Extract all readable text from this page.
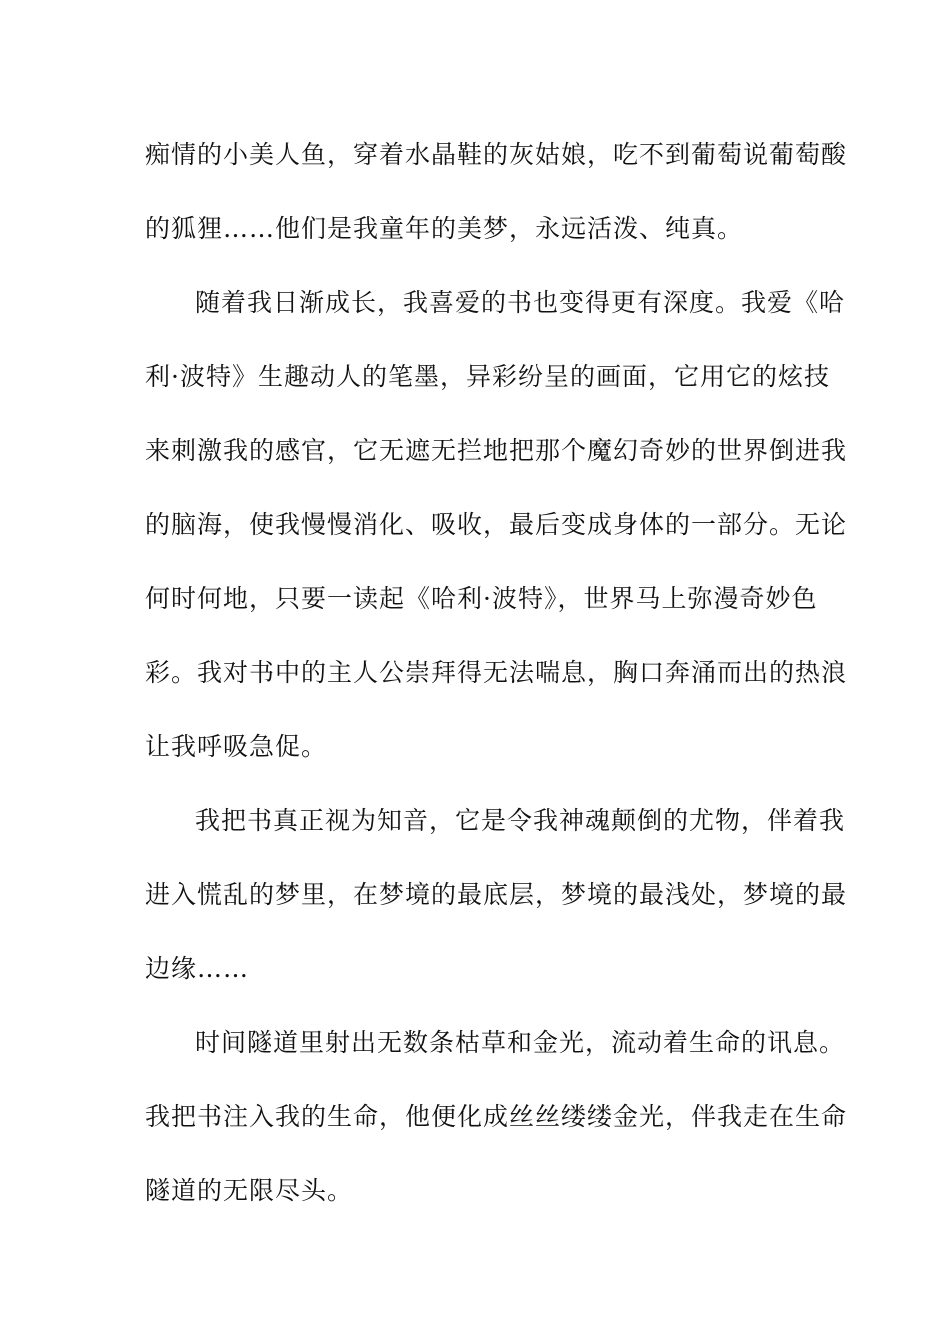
痴情的小美人鱼，穿着水晶鞋的灰姑娘，吃不到葡萄说葡萄酸
的狐狸……他们是我童年的美梦，永远活泼、纯真。
随着我日渐成长，我喜爱的书也变得更有深度。我爱《哈
利·波特》生趣动人的笔墨，异彩纷呈的画面，它用它的炫技
来刺激我的感官，它无遮无拦地把那个魔幻奇妙的世界倒进我
的脑海，使我慢慢消化、吸收，最后变成身体的一部分。无论
何时何地，只要一读起《哈利·波特》，世界马上弥漫奇妙色
彩。我对书中的主人公崇拜得无法喘息，胸口奔涌而出的热浪
让我呼吸急促。
我把书真正视为知音，它是令我神魂颠倒的尤物，伴着我
进入慌乱的梦里，在梦境的最底层，梦境的最浅处，梦境的最
边缘……
时间隧道里射出无数条枯草和金光，流动着生命的讯息。
我把书注入我的生命，他便化成丝丝缕缕金光，伴我走在生命
隧道的无限尽头。
